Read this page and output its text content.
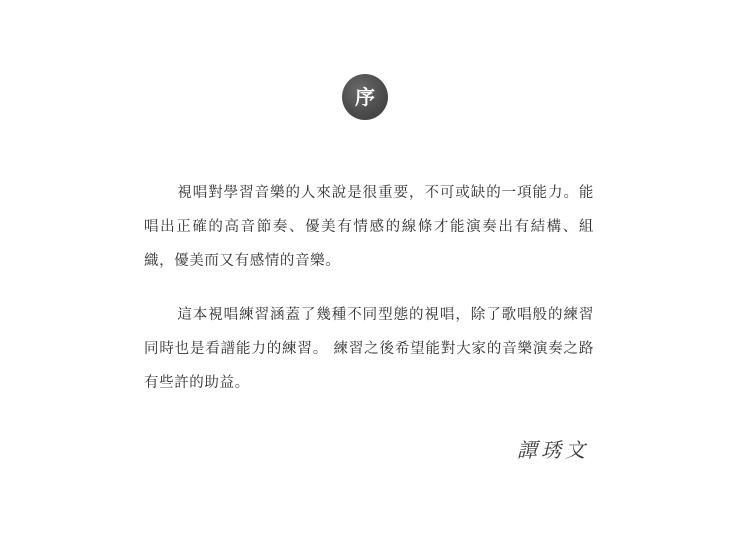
序

視唱對學習音樂的人來說是很重要，不可或缺的一項能力。能唱出正確的高音節奏、優美有情感的線條才能演奏出有結構、組織，優美而又有感情的音樂。

這本視唱練習涵蓋了幾種不同型態的視唱，除了歌唱般的練習同時也是看譜能力的練習。 練習之後希望能對大家的音樂演奏之路有些許的助益。

譚琇文
